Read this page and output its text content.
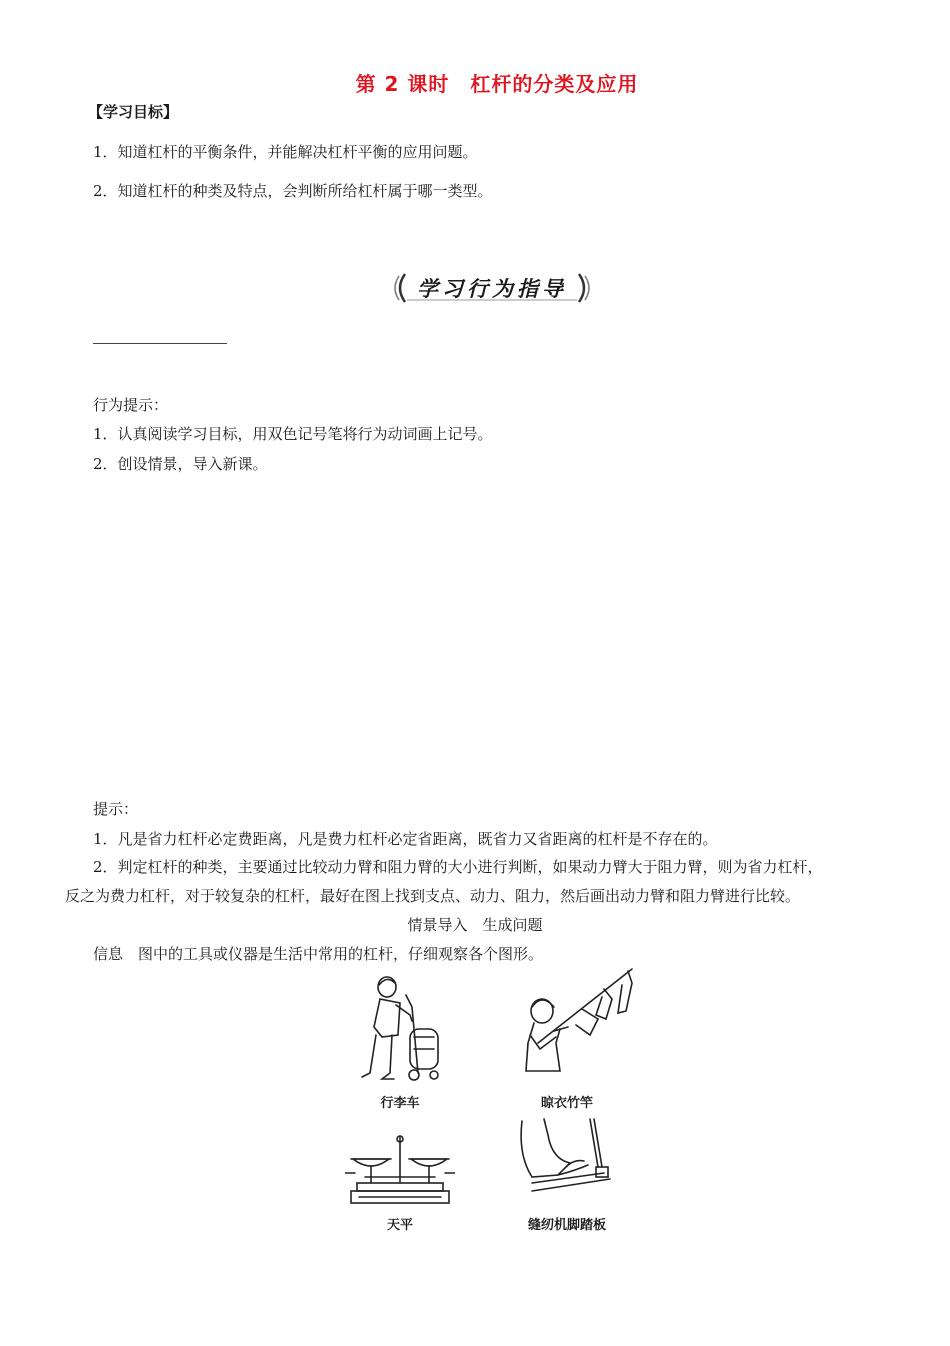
第 2 课时　杠杆的分类及应用
【学习目标】
1．知道杠杆的平衡条件，并能解决杠杆平衡的应用问题。
2．知道杠杆的种类及特点，会判断所给杠杆属于哪一类型。
学习行为指导
行为提示：
1．认真阅读学习目标，用双色记号笔将行为动词画上记号。
2．创设情景，导入新课。
提示：
1．凡是省力杠杆必定费距离，凡是费力杠杆必定省距离，既省力又省距离的杠杆是不存在的。
2．判定杠杆的种类，主要通过比较动力臂和阻力臂的大小进行判断，如果动力臂大于阻力臂，则为省力杠杆，
反之为费力杠杆，对于较复杂的杠杆，最好在图上找到支点、动力、阻力，然后画出动力臂和阻力臂进行比较。
情景导入　生成问题
信息　图中的工具或仪器是生活中常用的杠杆，仔细观察各个图形。
行李车	晾衣竹竿
天平	缝纫机脚踏板
